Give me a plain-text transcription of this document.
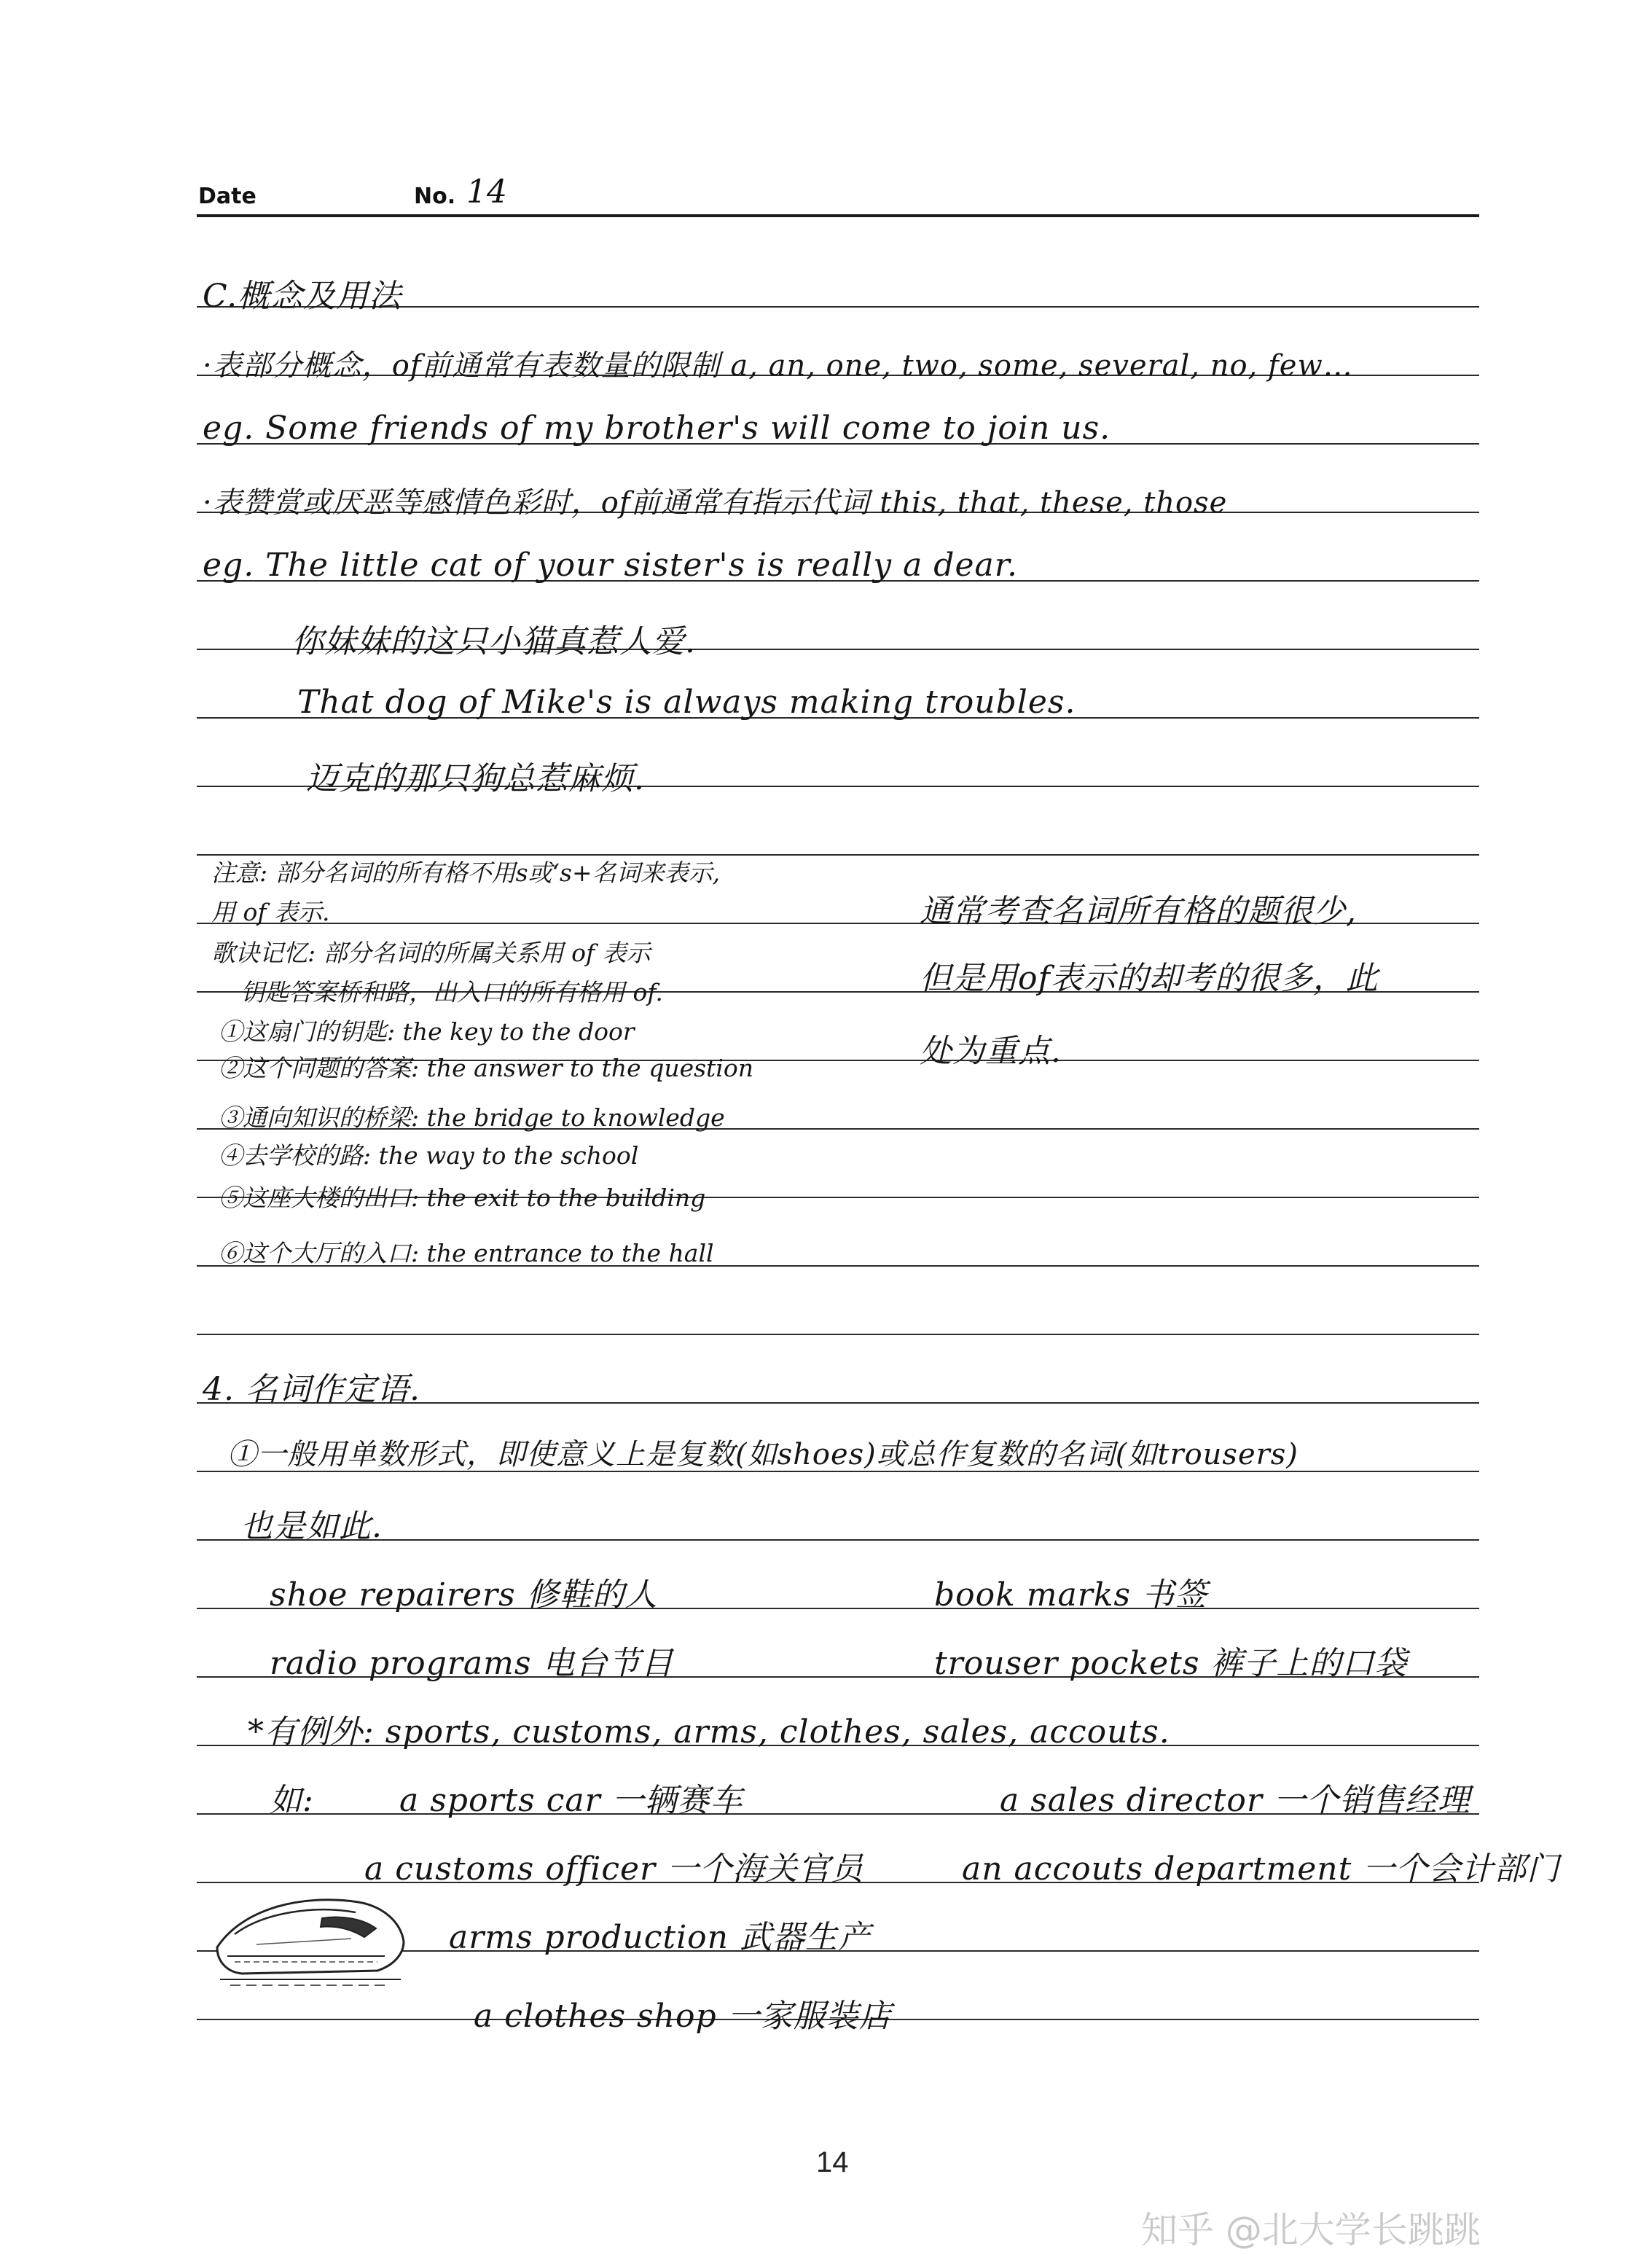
Date	No. 14
C.概念及用法
·表部分概念，of前通常有表数量的限制 a, an, one, two, some, several, no, few…
eg. Some friends of my brother's will come to join us.
·表赞赏或厌恶等感情色彩时，of前通常有指示代词 this, that, these, those
eg. The little cat of your sister's is really a dear.
你妹妹的这只小猫真惹人爱.
That dog of Mike's is always making troubles.
迈克的那只狗总惹麻烦.
注意: 部分名词的所有格不用s或‘s+名词来表示,
用 of 表示.
歌诀记忆: 部分名词的所属关系用 of 表示
钥匙答案桥和路，出入口的所有格用 of.
①这扇门的钥匙: the key to the door
②这个问题的答案: the answer to the question
③通向知识的桥梁: the bridge to knowledge
④去学校的路: the way to the school
⑤这座大楼的出口: the exit to the building
⑥这个大厅的入口: the entrance to the hall
通常考查名词所有格的题很少,
但是用of表示的却考的很多，此
处为重点.
4. 名词作定语.
①一般用单数形式，即使意义上是复数(如shoes)或总作复数的名词(如trousers)
也是如此.
shoe repairers 修鞋的人	book marks 书签
radio programs 电台节目	trouser pockets 裤子上的口袋
*有例外: sports, customs, arms, clothes, sales, accouts.
如:	a sports car 一辆赛车	a sales director 一个销售经理
a customs officer 一个海关官员	an accouts department 一个会计部门
arms production 武器生产
a clothes shop 一家服装店
14
知乎 @北大学长跳跳
